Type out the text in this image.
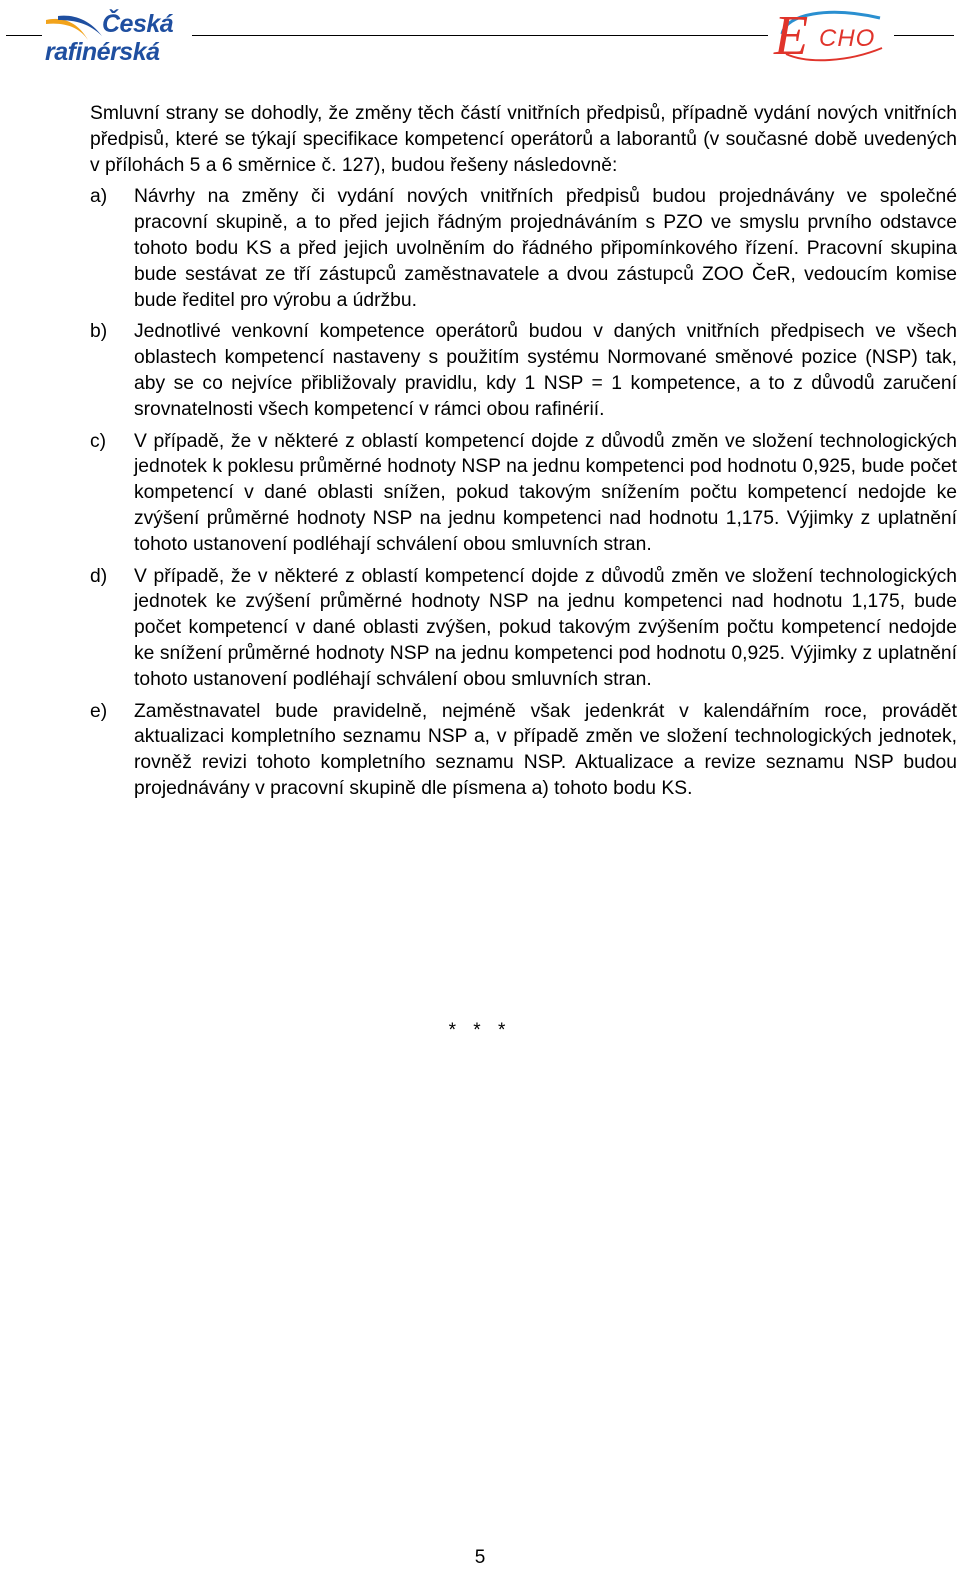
Česká
rafinérská	E CHO

Smluvní strany se dohodly, že změny těch částí vnitřních předpisů, případně vydání nových vnitřních předpisů, které se týkají specifikace kompetencí operátorů a laborantů (v současné době uvedených v přílohách 5 a 6 směrnice č. 127), budou řešeny následovně:

a) Návrhy na změny či vydání nových vnitřních předpisů budou projednávány ve společné pracovní skupině, a to před jejich řádným projednáváním s PZO ve smyslu prvního odstavce tohoto bodu KS a před jejich uvolněním do řádného připomínkového řízení. Pracovní skupina bude sestávat ze tří zástupců zaměstnavatele a dvou zástupců ZOO ČeR, vedoucím komise bude ředitel pro výrobu a údržbu.
b) Jednotlivé venkovní kompetence operátorů budou v daných vnitřních předpisech ve všech oblastech kompetencí nastaveny s použitím systému Normované směnové pozice (NSP) tak, aby se co nejvíce přibližovaly pravidlu, kdy 1 NSP = 1 kompetence, a to z důvodů zaručení srovnatelnosti všech kompetencí v rámci obou rafinérií.
c) V případě, že v některé z oblastí kompetencí dojde z důvodů změn ve složení technologických jednotek k poklesu průměrné hodnoty NSP na jednu kompetenci pod hodnotu 0,925, bude počet kompetencí v dané oblasti snížen, pokud takovým snížením počtu kompetencí nedojde ke zvýšení průměrné hodnoty NSP na jednu kompetenci nad hodnotu 1,175. Výjimky z uplatnění tohoto ustanovení podléhají schválení obou smluvních stran.
d) V případě, že v některé z oblastí kompetencí dojde z důvodů změn ve složení technologických jednotek ke zvýšení průměrné hodnoty NSP na jednu kompetenci nad hodnotu 1,175, bude počet kompetencí v dané oblasti zvýšen, pokud takovým zvýšením počtu kompetencí nedojde ke snížení průměrné hodnoty NSP na jednu kompetenci pod hodnotu 0,925. Výjimky z uplatnění tohoto ustanovení podléhají schválení obou smluvních stran.
e) Zaměstnavatel bude pravidelně, nejméně však jedenkrát v kalendářním roce, provádět aktualizaci kompletního seznamu NSP a, v případě změn ve složení technologických jednotek, rovněž revizi tohoto kompletního seznamu NSP. Aktualizace a revize seznamu NSP budou projednávány v pracovní skupině dle písmena a) tohoto bodu KS.
* * *
5
